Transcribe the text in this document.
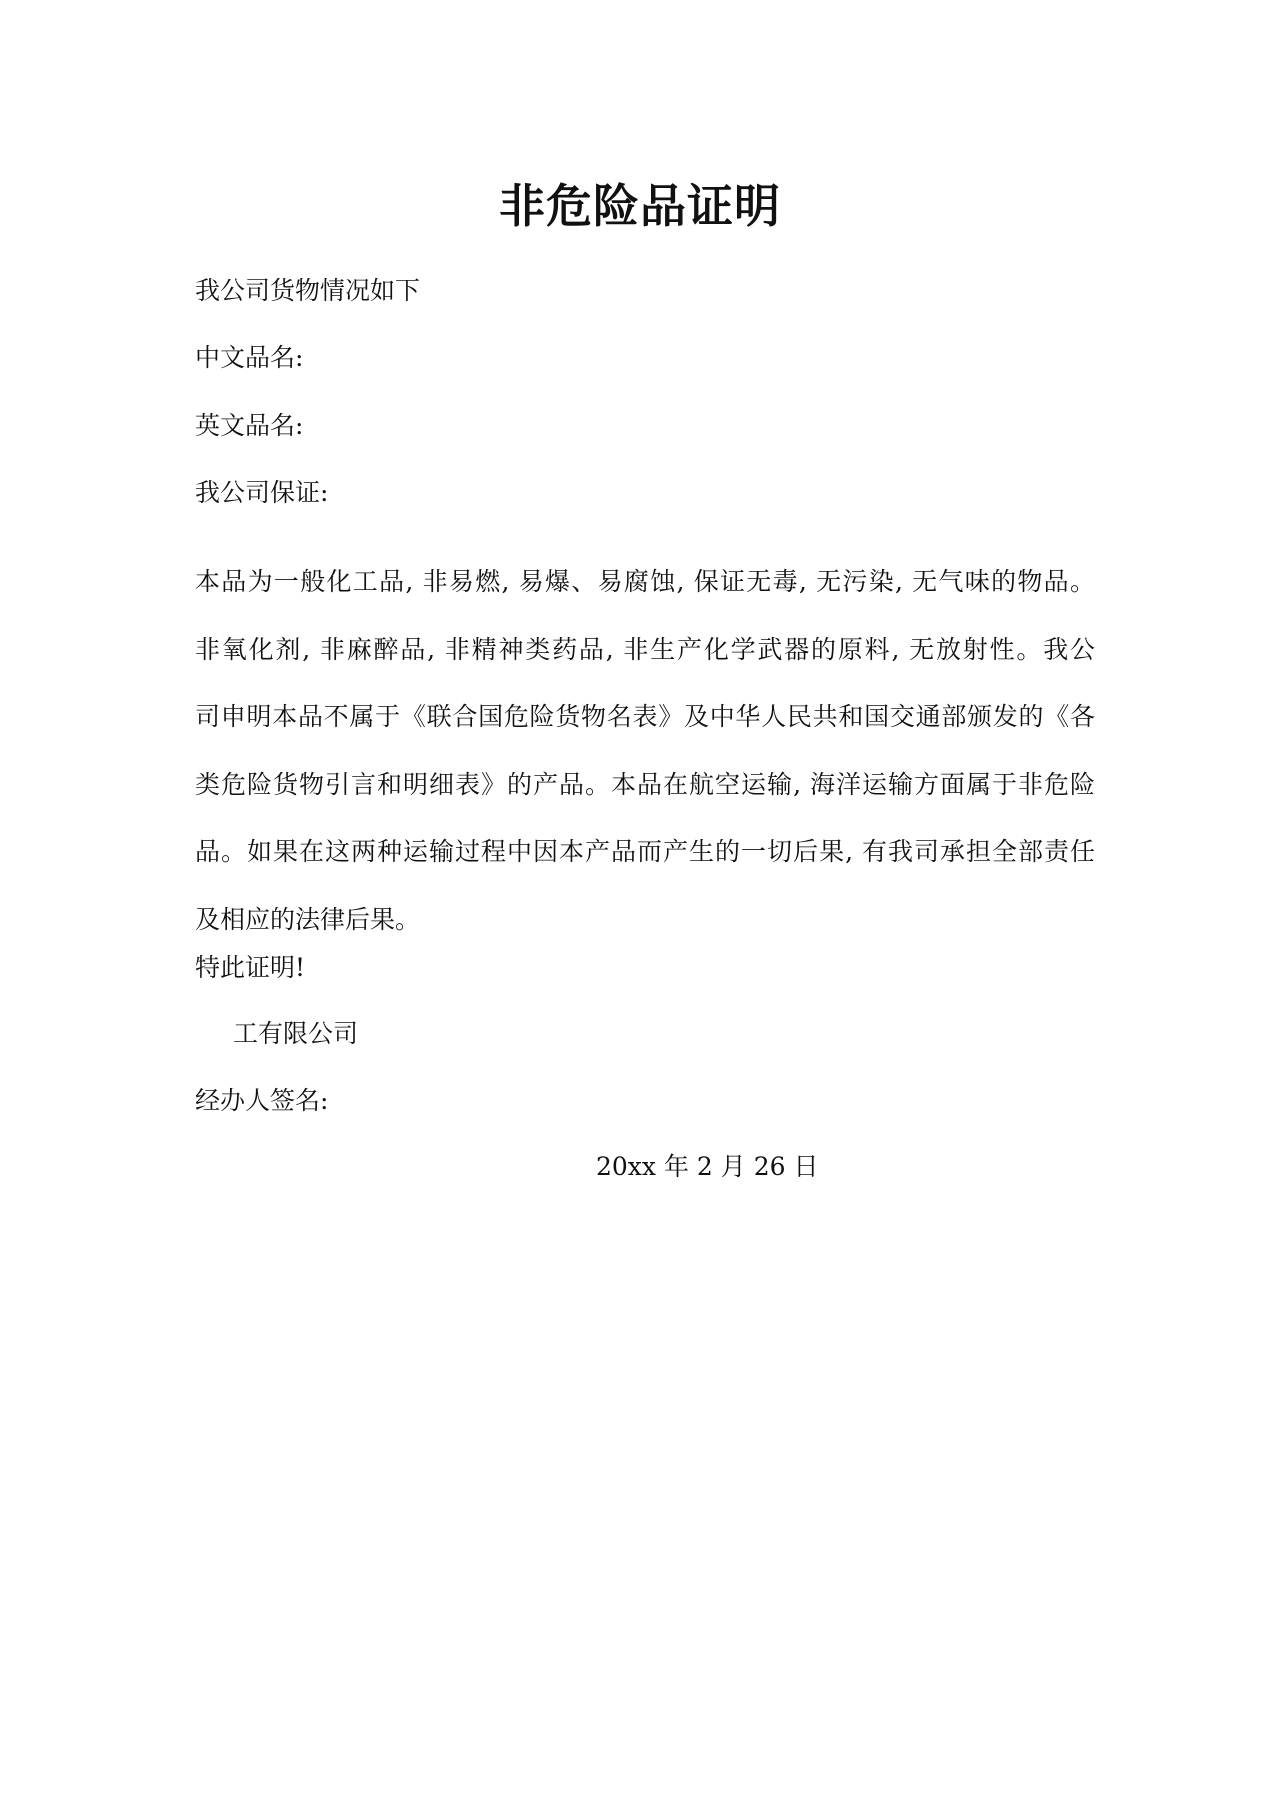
非危险品证明
我公司货物情况如下
中文品名:
英文品名:
我公司保证:
本品为一般化工品, 非易燃, 易爆、易腐蚀, 保证无毒, 无污染, 无气味的物品。
非氧化剂, 非麻醉品, 非精神类药品, 非生产化学武器的原料, 无放射性。我公
司申明本品不属于《联合国危险货物名表》及中华人民共和国交通部颁发的《各
类危险货物引言和明细表》的产品。本品在航空运输, 海洋运输方面属于非危险
品。如果在这两种运输过程中因本产品而产生的一切后果, 有我司承担全部责任
及相应的法律后果。
特此证明!
工有限公司
经办人签名:
20xx 年 2 月 26 日
